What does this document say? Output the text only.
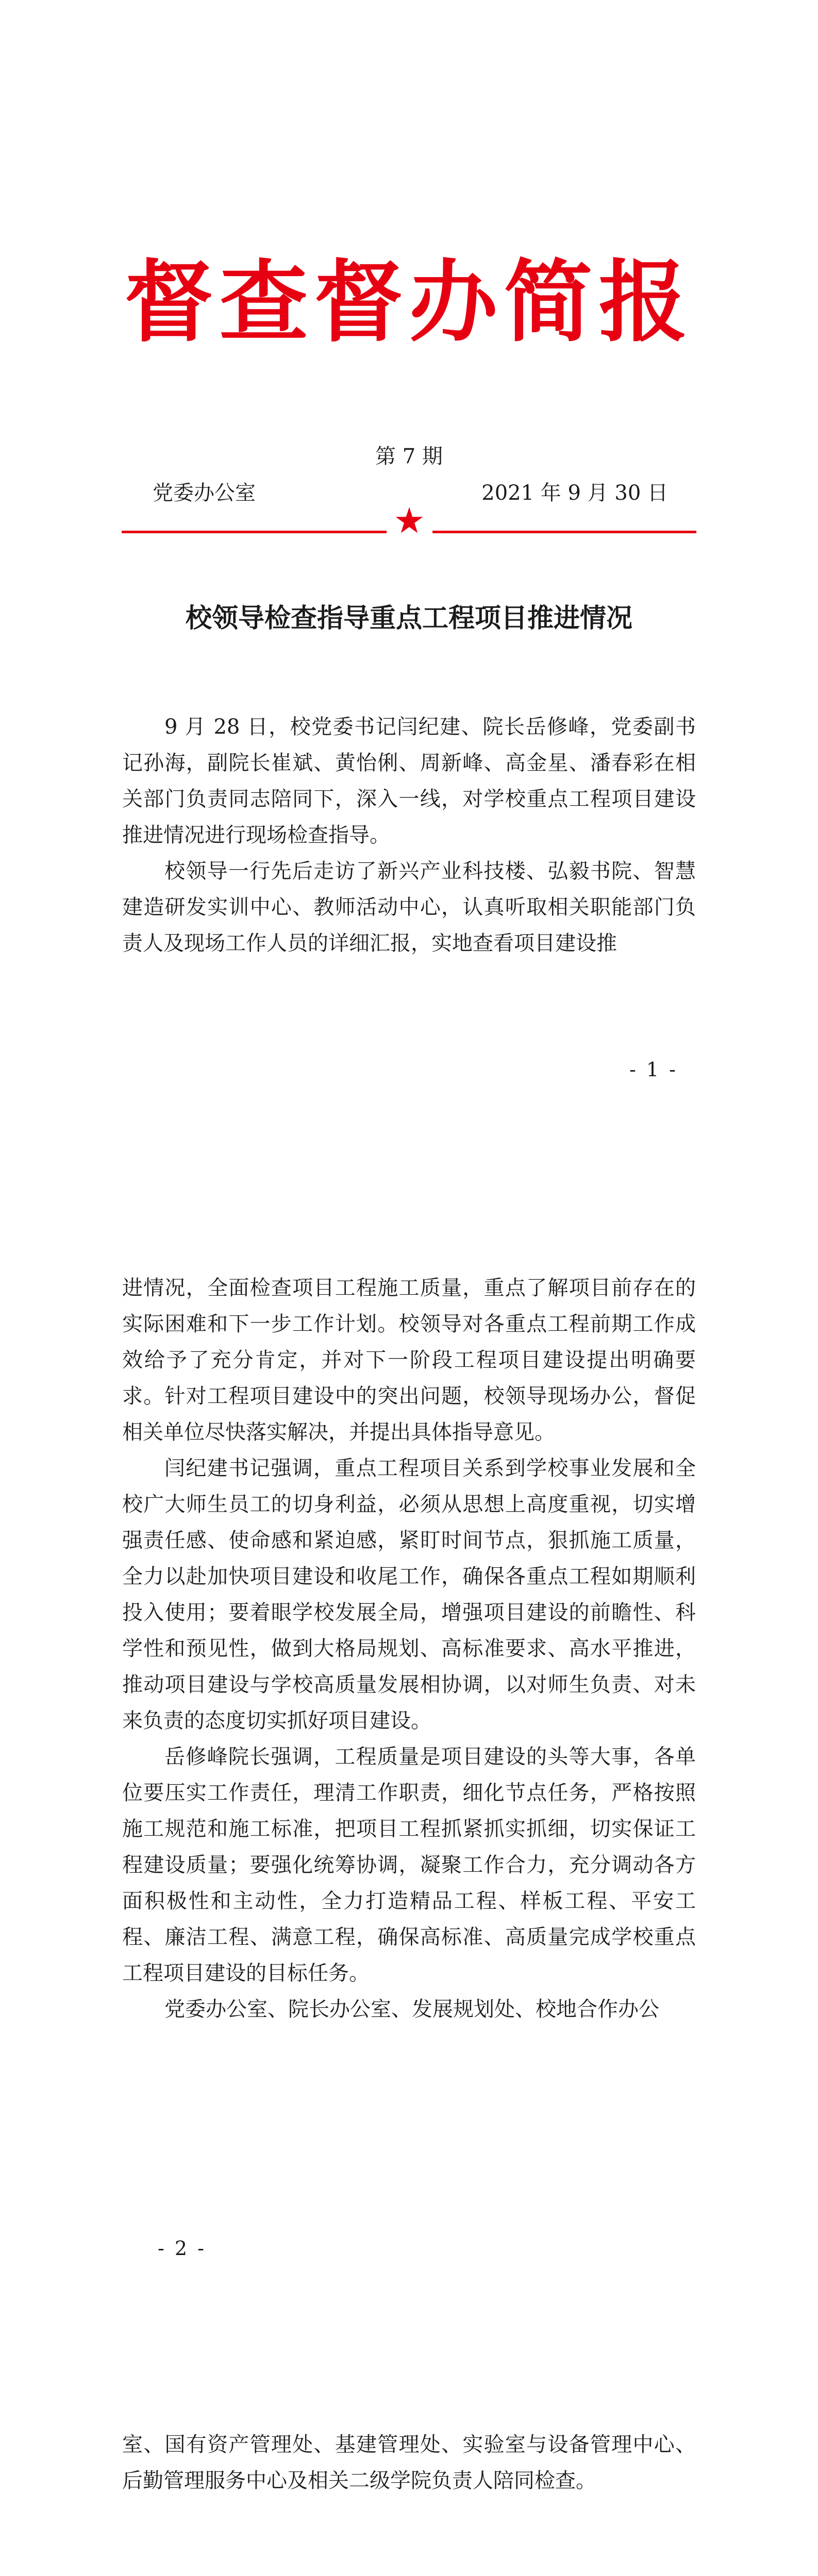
督查督办简报
第 7 期
党委办公室	2021 年 9 月 30 日
校领导检查指导重点工程项目推进情况

9 月 28 日，校党委书记闫纪建、院长岳修峰，党委副书记孙海，副院长崔斌、黄怡俐、周新峰、高金星、潘春彩在相关部门负责同志陪同下，深入一线，对学校重点工程项目建设推进情况进行现场检查指导。

校领导一行先后走访了新兴产业科技楼、弘毅书院、智慧建造研发实训中心、教师活动中心，认真听取相关职能部门负责人及现场工作人员的详细汇报，实地查看项目建设推

- 1 -

进情况，全面检查项目工程施工质量，重点了解项目前存在的实际困难和下一步工作计划。校领导对各重点工程前期工作成效给予了充分肯定，并对下一阶段工程项目建设提出明确要求。针对工程项目建设中的突出问题，校领导现场办公，督促相关单位尽快落实解决，并提出具体指导意见。

闫纪建书记强调，重点工程项目关系到学校事业发展和全校广大师生员工的切身利益，必须从思想上高度重视，切实增强责任感、使命感和紧迫感，紧盯时间节点，狠抓施工质量，全力以赴加快项目建设和收尾工作，确保各重点工程如期顺利投入使用；要着眼学校发展全局，增强项目建设的前瞻性、科学性和预见性，做到大格局规划、高标准要求、高水平推进，推动项目建设与学校高质量发展相协调，以对师生负责、对未来负责的态度切实抓好项目建设。

岳修峰院长强调，工程质量是项目建设的头等大事，各单位要压实工作责任，理清工作职责，细化节点任务，严格按照施工规范和施工标准，把项目工程抓紧抓实抓细，切实保证工程建设质量；要强化统筹协调，凝聚工作合力，充分调动各方面积极性和主动性，全力打造精品工程、样板工程、平安工程、廉洁工程、满意工程，确保高标准、高质量完成学校重点工程项目建设的目标任务。

党委办公室、院长办公室、发展规划处、校地合作办公

- 2 -

室、国有资产管理处、基建管理处、实验室与设备管理中心、后勤管理服务中心及相关二级学院负责人陪同检查。
